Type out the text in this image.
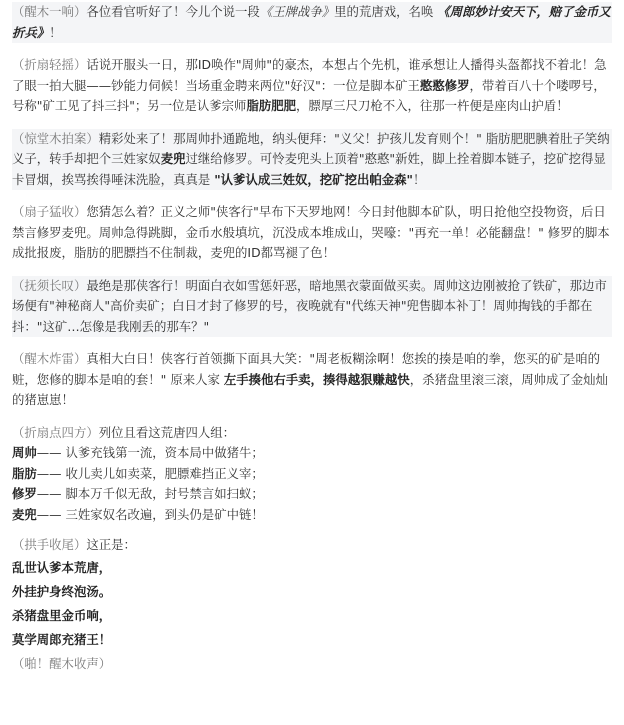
（醒木一响）各位看官听好了！今儿个说一段《王牌战争》里的荒唐戏，名唤 《周郎妙计安天下，赔了金币又折兵》！

（折扇轻摇）话说开服头一日，那ID唤作"周帅"的豪杰，本想占个先机，谁承想让人播得头盔都找不着北！急了眼一拍大腿——钞能力伺候！当场重金聘来两位"好汉"：一位是脚本矿王憨憨修罗，带着百八十个喽啰号，号称"矿工见了抖三抖"；另一位是认爹宗师脂肪肥肥，膘厚三尺刀枪不入，往那一杵便是座肉山护盾！

（惊堂木拍案）精彩处来了！那周帅扑通跪地，纳头便拜："义父！护孩儿发育则个！" 脂肪肥肥腆着肚子笑纳义子，转手却把个三姓家奴麦兜过继给修罗。可怜麦兜头上顶着"憨憨"新姓，脚上拴着脚本链子，挖矿挖得显卡冒烟，挨骂挨得唾沫洗脸，真真是 "认爹认成三姓奴，挖矿挖出帕金森"！

（扇子猛收）您猜怎么着？正义之师"侠客行"早布下天罗地网！今日封他脚本矿队，明日抢他空投物资，后日禁言修罗麦兜。周帅急得跳脚，金币水般填坑，沉没成本堆成山，哭嚎："再充一单！必能翻盘！" 修罗的脚本成批报废，脂肪的肥膘挡不住制裁，麦兜的ID都骂褪了色！

（抚须长叹）最绝是那侠客行！明面白衣如雪惩奸恶，暗地黑衣蒙面做买卖。周帅这边刚被抢了铁矿，那边市场便有"神秘商人"高价卖矿；白日才封了修罗的号，夜晚就有"代练天神"兜售脚本补丁！周帅掏钱的手都在抖："这矿…怎像是我刚丢的那车？"

（醒木炸雷）真相大白日！侠客行首领撕下面具大笑："周老板糊涂啊！您挨的揍是咱的拳，您买的矿是咱的赃，您修的脚本是咱的套！" 原来人家 左手揍他右手卖，揍得越狠赚越快，杀猪盘里滚三滚，周帅成了金灿灿的猪崽崽！

（折扇点四方）列位且看这荒唐四人组：
周帅—— 认爹充钱第一流，资本局中做猪牛；
脂肪—— 收儿卖儿如卖菜，肥膘难挡正义宰；
修罗—— 脚本万千似无敌，封号禁言如扫蚁；
麦兜—— 三姓家奴名改遍，到头仍是矿中链！
（拱手收尾）这正是：
乱世认爹本荒唐，
外挂护身终泡汤。
杀猪盘里金币响，
莫学周郎充猪王！
（啪！醒木收声）
